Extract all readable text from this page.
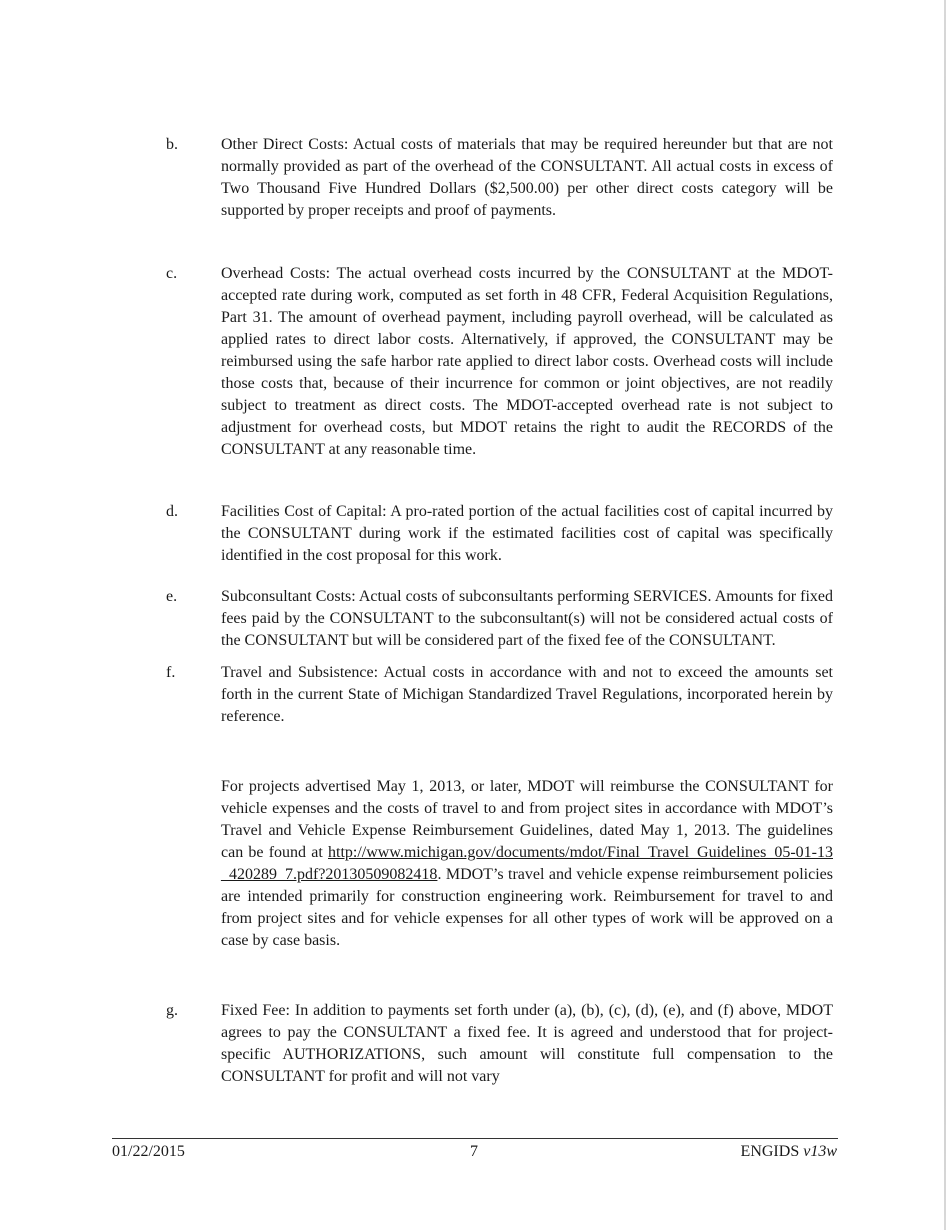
b.	Other Direct Costs: Actual costs of materials that may be required hereunder but that are not normally provided as part of the overhead of the CONSULTANT. All actual costs in excess of Two Thousand Five Hundred Dollars ($2,500.00) per other direct costs category will be supported by proper receipts and proof of payments.

c.	Overhead Costs: The actual overhead costs incurred by the CONSULTANT at the MDOT-accepted rate during work, computed as set forth in 48 CFR, Federal Acquisition Regulations, Part 31. The amount of overhead payment, including payroll overhead, will be calculated as applied rates to direct labor costs. Alternatively, if approved, the CONSULTANT may be reimbursed using the safe harbor rate applied to direct labor costs. Overhead costs will include those costs that, because of their incurrence for common or joint objectives, are not readily subject to treatment as direct costs. The MDOT-accepted overhead rate is not subject to adjustment for overhead costs, but MDOT retains the right to audit the RECORDS of the CONSULTANT at any reasonable time.

d.	Facilities Cost of Capital: A pro-rated portion of the actual facilities cost of capital incurred by the CONSULTANT during work if the estimated facilities cost of capital was specifically identified in the cost proposal for this work.

e.	Subconsultant Costs: Actual costs of subconsultants performing SERVICES. Amounts for fixed fees paid by the CONSULTANT to the subconsultant(s) will not be considered actual costs of the CONSULTANT but will be considered part of the fixed fee of the CONSULTANT.

f.	Travel and Subsistence: Actual costs in accordance with and not to exceed the amounts set forth in the current State of Michigan Standardized Travel Regulations, incorporated herein by reference.

For projects advertised May 1, 2013, or later, MDOT will reimburse the CONSULTANT for vehicle expenses and the costs of travel to and from project sites in accordance with MDOT’s Travel and Vehicle Expense Reimbursement Guidelines, dated May 1, 2013. The guidelines can be found at http://www.michigan.gov/documents/mdot/Final_Travel_Guidelines_05-01-13_420289_7.pdf?20130509082418. MDOT’s travel and vehicle expense reimbursement policies are intended primarily for construction engineering work. Reimbursement for travel to and from project sites and for vehicle expenses for all other types of work will be approved on a case by case basis.

g.	Fixed Fee: In addition to payments set forth under (a), (b), (c), (d), (e), and (f) above, MDOT agrees to pay the CONSULTANT a fixed fee. It is agreed and understood that for project-specific AUTHORIZATIONS, such amount will constitute full compensation to the CONSULTANT for profit and will not vary

01/22/2015	7	ENGIDS v13w
